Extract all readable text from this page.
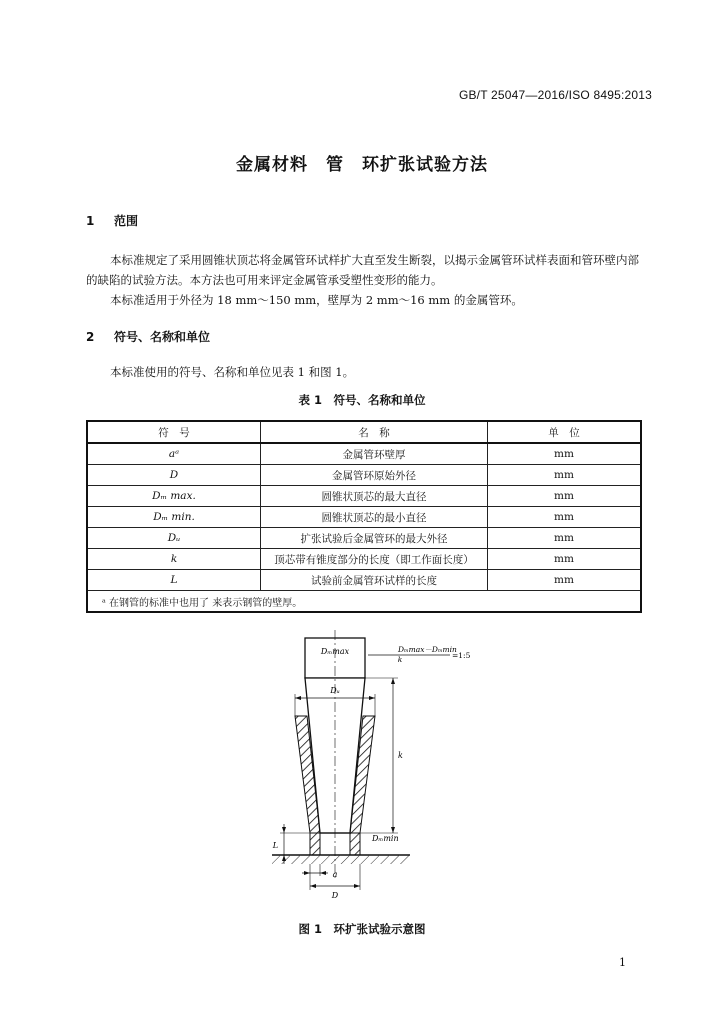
GB/T 25047—2016/ISO 8495:2013
金属材料　管　环扩张试验方法
1 范围
本标准规定了采用圆锥状顶芯将金属管环试样扩大直至发生断裂，以揭示金属管环试样表面和管环壁内部的缺陷的试验方法。本方法也可用来评定金属管承受塑性变形的能力。
本标准适用于外径为 18 mm～150 mm，壁厚为 2 mm～16 mm 的金属管环。
2 符号、名称和单位
本标准使用的符号、名称和单位见表 1 和图 1。
表 1　符号、名称和单位
符　号	名　称	单　位
aᵃ	金属管环壁厚	mm
D	金属管环原始外径	mm
Dₘ max.	圆锥状顶芯的最大直径	mm
Dₘ min.	圆锥状顶芯的最小直径	mm
Dᵤ	扩张试验后金属管环的最大外径	mm
k	顶芯带有锥度部分的长度（即工作面长度）	mm
L	试验前金属管环试样的长度	mm
ᵃ 在钢管的标准中也用了 来表示钢管的壁厚。		
Dₘmax	Dₘmax－Dₘmin
k	=1:5
Dᵤ
k
Dₘmin
L
a
D
图 1　环扩张试验示意图
1
